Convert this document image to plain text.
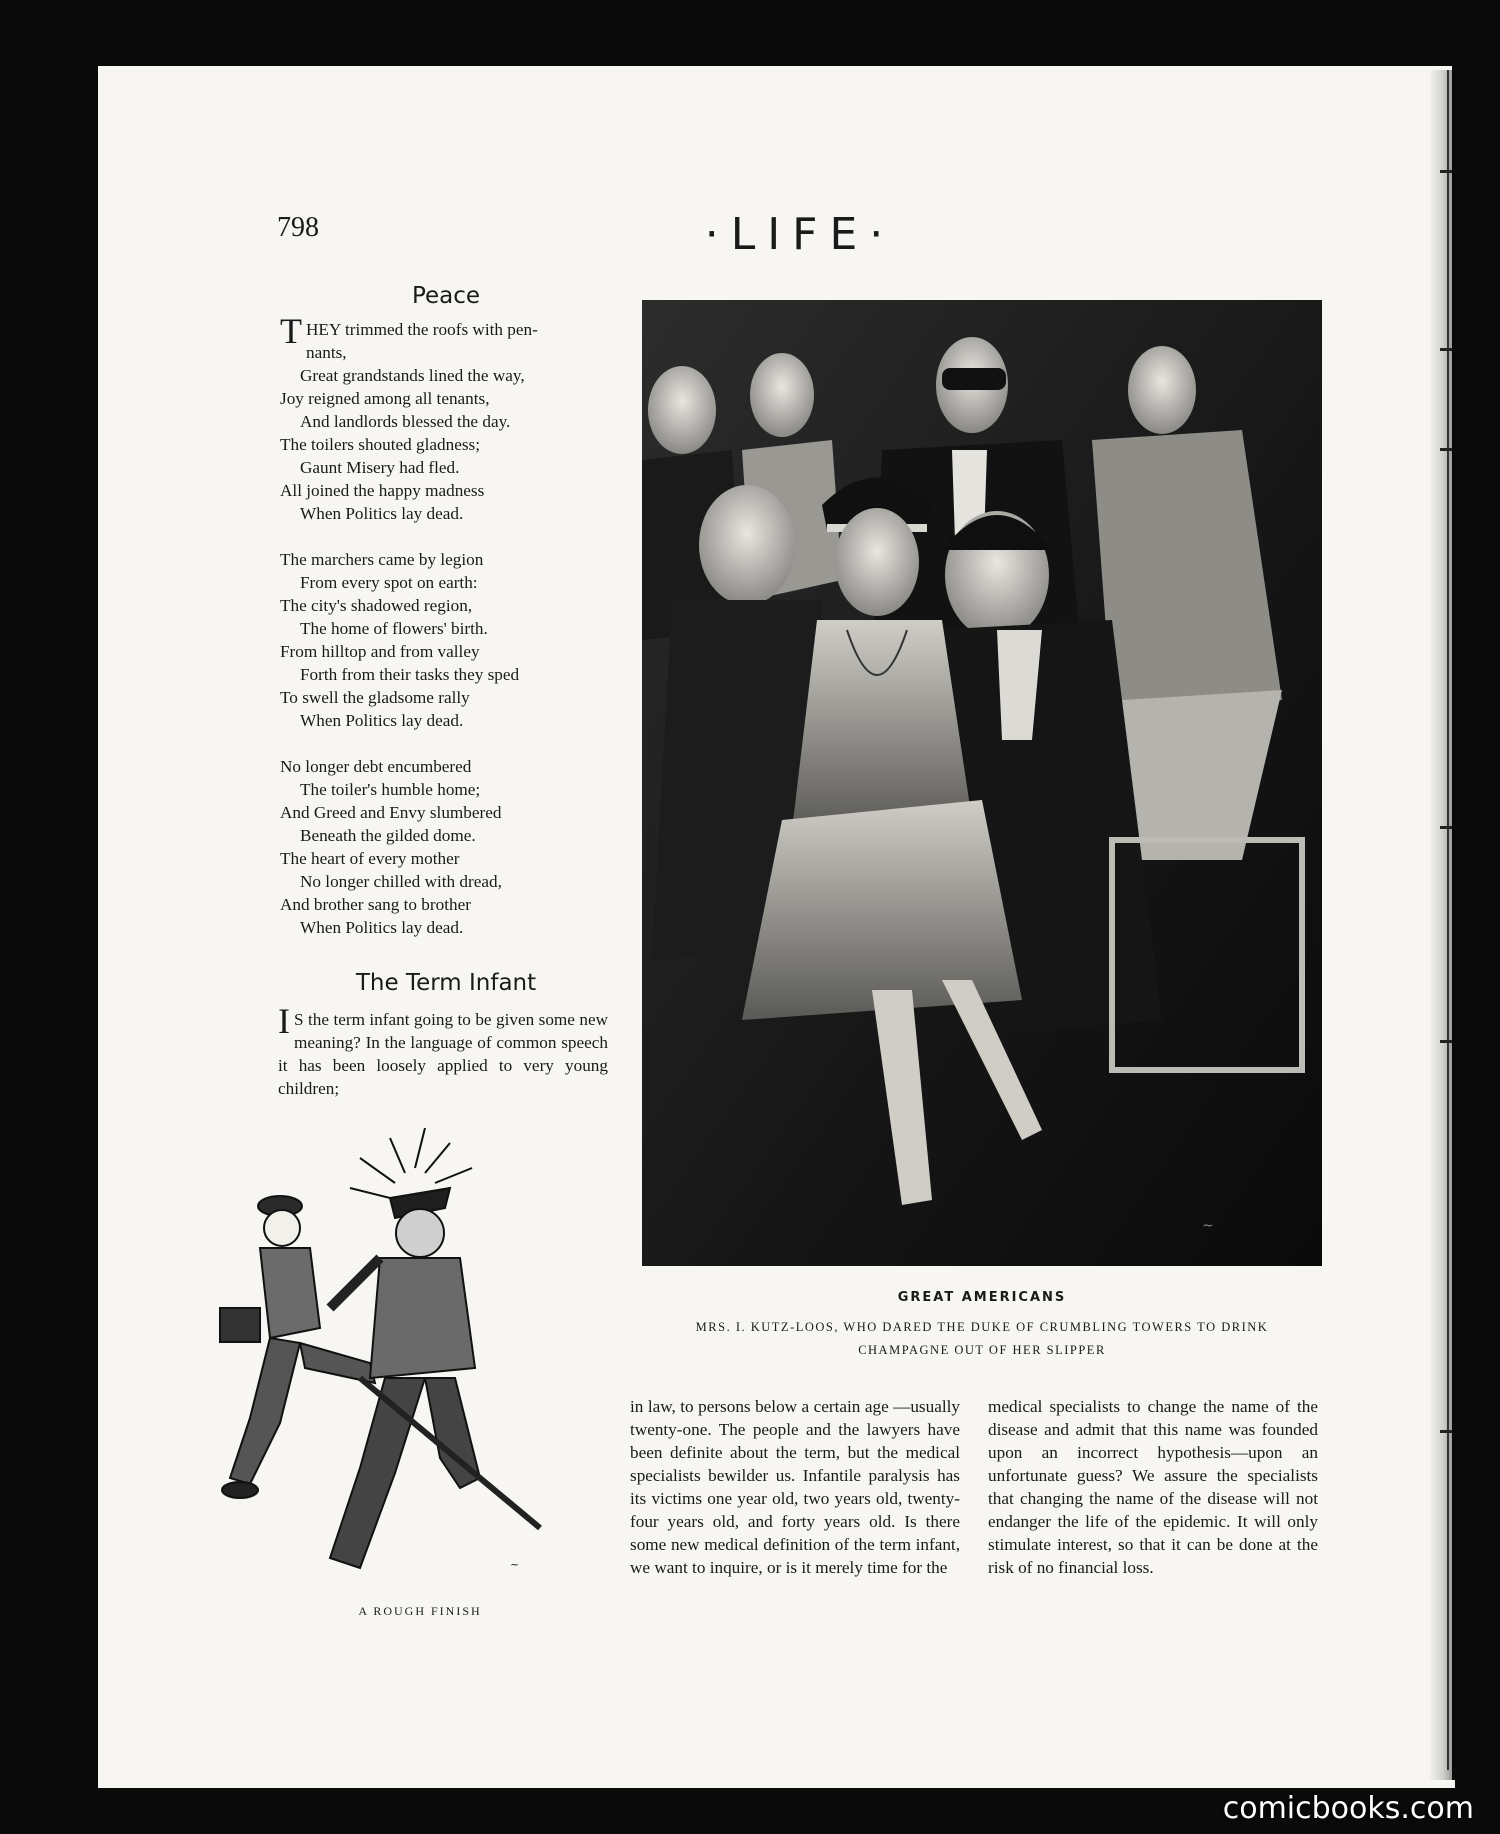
798	·LIFE·
Peace
THEY trimmed the roofs with pen-
nants,
Great grandstands lined the way,
Joy reigned among all tenants,
And landlords blessed the day.
The toilers shouted gladness;
Gaunt Misery had fled.
All joined the happy madness
When Politics lay dead.
The marchers came by legion
From every spot on earth:
The city's shadowed region,
The home of flowers' birth.
From hilltop and from valley
Forth from their tasks they sped
To swell the gladsome rally
When Politics lay dead.
No longer debt encumbered
The toiler's humble home;
And Greed and Envy slumbered
Beneath the gilded dome.
The heart of every mother
No longer chilled with dread,
And brother sang to brother
When Politics lay dead.
The Term Infant
I S the term infant going to be given some new meaning? In the language of common speech it has been loosely applied to very young children;
~
A ROUGH FINISH
~
GREAT AMERICANS
MRS. I. KUTZ-LOOS, WHO DARED THE DUKE OF CRUMBLING TOWERS TO DRINK
CHAMPAGNE OUT OF HER SLIPPER
in law, to persons below a certain age —usually twenty-one. The people and the lawyers have been definite about the term, but the medical specialists bewilder us. Infantile paralysis has its victims one year old, two years old, twenty-four years old, and forty years old. Is there some new medical definition of the term infant, we want to inquire, or is it merely time for the
medical specialists to change the name of the disease and admit that this name was founded upon an incorrect hypothesis—upon an unfortunate guess? We assure the specialists that changing the name of the disease will not endanger the life of the epidemic. It will only stimulate interest, so that it can be done at the risk of no financial loss.
comicbooks.com
